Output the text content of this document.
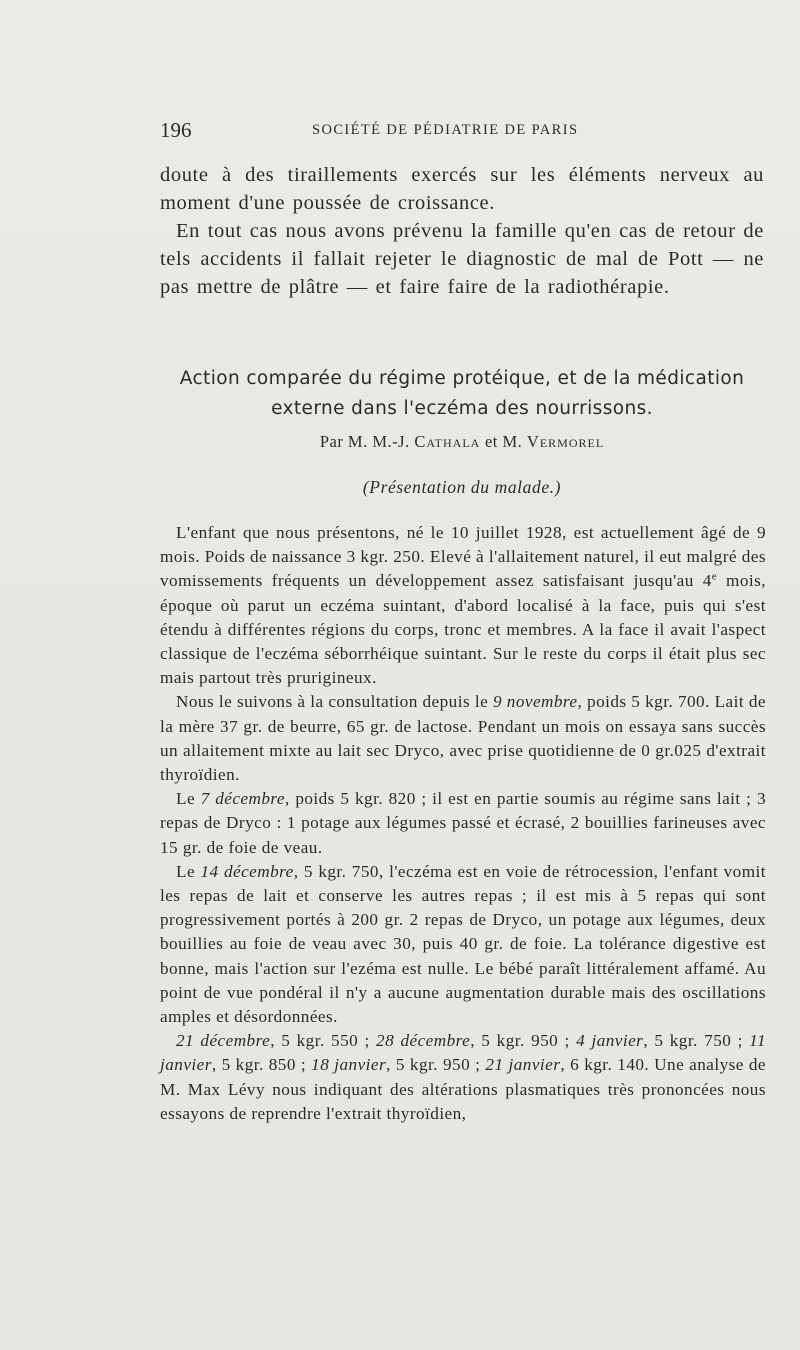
196	SOCIÉTÉ DE PÉDIATRIE DE PARIS

doute à des tiraillements exercés sur les éléments nerveux au moment d'une poussée de croissance.

En tout cas nous avons prévenu la famille qu'en cas de retour de tels accidents il fallait rejeter le diagnostic de mal de Pott — ne pas mettre de plâtre — et faire faire de la radiothérapie.

Action comparée du régime protéique, et de la médication
externe dans l'eczéma des nourrissons.
Par M. M.-J. Cathala et M. Vermorel
(Présentation du malade.)

L'enfant que nous présentons, né le 10 juillet 1928, est actuellement âgé de 9 mois. Poids de naissance 3 kgr. 250. Elevé à l'allaitement naturel, il eut malgré des vomissements fréquents un développement assez satisfaisant jusqu'au 4e mois, époque où parut un eczéma suintant, d'abord localisé à la face, puis qui s'est étendu à différentes régions du corps, tronc et membres. A la face il avait l'aspect classique de l'eczéma séborrhéique suintant. Sur le reste du corps il était plus sec mais partout très prurigineux.

Nous le suivons à la consultation depuis le 9 novembre, poids 5 kgr. 700. Lait de la mère 37 gr. de beurre, 65 gr. de lactose. Pendant un mois on essaya sans succès un allaitement mixte au lait sec Dryco, avec prise quotidienne de 0 gr.025 d'extrait thyroïdien.

Le 7 décembre, poids 5 kgr. 820 ; il est en partie soumis au régime sans lait ; 3 repas de Dryco : 1 potage aux légumes passé et écrasé, 2 bouillies farineuses avec 15 gr. de foie de veau.

Le 14 décembre, 5 kgr. 750, l'eczéma est en voie de rétrocession, l'enfant vomit les repas de lait et conserve les autres repas ; il est mis à 5 repas qui sont progressivement portés à 200 gr. 2 repas de Dryco, un potage aux légumes, deux bouillies au foie de veau avec 30, puis 40 gr. de foie. La tolérance digestive est bonne, mais l'action sur l'ezéma est nulle. Le bébé paraît littéralement affamé. Au point de vue pondéral il n'y a aucune augmentation durable mais des oscillations amples et désordonnées.

21 décembre, 5 kgr. 550 ; 28 décembre, 5 kgr. 950 ; 4 janvier, 5 kgr. 750 ; 11 janvier, 5 kgr. 850 ; 18 janvier, 5 kgr. 950 ; 21 janvier, 6 kgr. 140. Une analyse de M. Max Lévy nous indiquant des altérations plasmatiques très prononcées nous essayons de reprendre l'extrait thyroïdien,
